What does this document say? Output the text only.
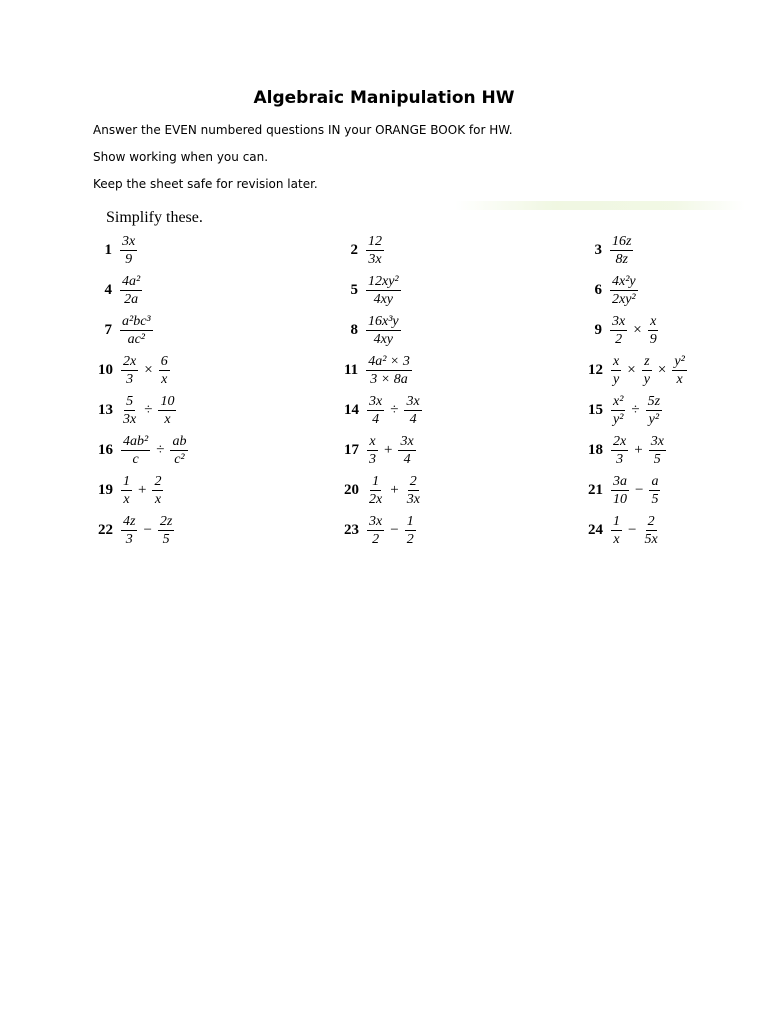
Algebraic Manipulation HW
Answer the EVEN numbered questions IN your ORANGE BOOK for HW.
Show working when you can.
Keep the sheet safe for revision later.
Simplify these.
$1 \frac{3x}{9}$	$2 \frac{12}{3x}$	$3 \frac{16z}{8z}$
$4 \frac{\text{4a²}}{2a}$	$5 \frac{\text{12xy²}}{4xy}$	$6 \frac{\text{4x²y}}{\text{2xy²}}$
$7 \frac{\text{a²bc³}}{\text{ac²}}$	$8 \frac{\text{16x³y}}{4xy}$	$9 \frac{3x}{2} \times \frac{x}{9}$
$10 \frac{2x}{3} \times \frac{6}{x}$	$11 \frac{\text{4a² × 3}}{3 \times 8a}$	$12 \frac{x}{y} \times \frac{z}{y} \times \frac{\text{y²}}{x}$
$13 \frac{5}{3x} \div \frac{10}{x}$	$14 \frac{3x}{4} \div \frac{3x}{4}$	$15 \frac{\text{x²}}{\text{y²}} \div \frac{5z}{\text{y²}}$
$16 \frac{\text{4ab²}}{c} \div \frac{ab}{\text{c²}}$	$17 \frac{x}{3} + \frac{3x}{4}$	$18 \frac{2x}{3} + \frac{3x}{5}$
$19 \frac{1}{x} + \frac{2}{x}$	$20 \frac{1}{2x} + \frac{2}{3x}$	$21 \frac{3a}{10} - \frac{a}{5}$
$22 \frac{4z}{3} - \frac{2z}{5}$	$23 \frac{3x}{2} - \frac{1}{2}$	$24 \frac{1}{x} - \frac{2}{5x}$
